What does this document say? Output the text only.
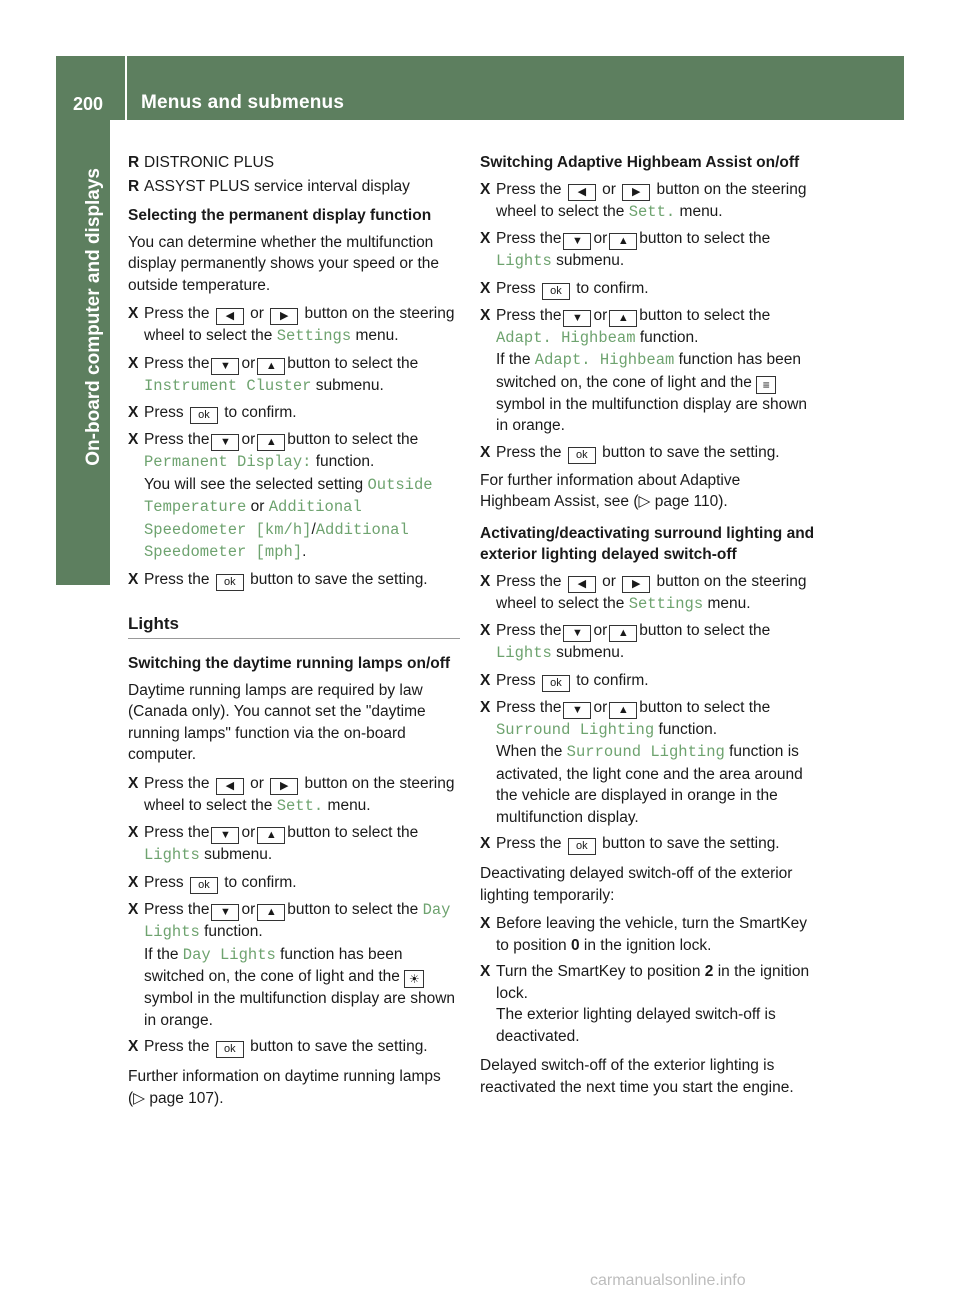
200	Menus and submenus
On-board computer and displays
R DISTRONIC PLUS
R ASSYST PLUS service interval display

Selecting the permanent display function

You can determine whether the multifunction display permanently shows your speed or the outside temperature.

X Press the ◀ or ▶ button on the steering wheel to select the Settings menu.
X Press the ▼ or ▲ button to select the Instrument Cluster submenu.
X Press ok to confirm.
X Press the ▼ or ▲ button to select the Permanent Display: function.
You will see the selected setting Outside Temperature or Additional Speedometer [km/h]/Additional Speedometer [mph].
X Press the ok button to save the setting.

Lights

Switching the daytime running lamps on/off

Daytime running lamps are required by law (Canada only). You cannot set the "daytime running lamps" function via the on-board computer.

X Press the ◀ or ▶ button on the steering wheel to select the Sett. menu.
X Press the ▼ or ▲ button to select the Lights submenu.
X Press ok to confirm.
X Press the ▼ or ▲ button to select the Day Lights function.
If the Day Lights function has been switched on, the cone of light and the ☀ symbol in the multifunction display are shown in orange.
X Press the ok button to save the setting.

Further information on daytime running lamps (▷ page 107).

Switching Adaptive Highbeam Assist on/off

X Press the ◀ or ▶ button on the steering wheel to select the Sett. menu.
X Press the ▼ or ▲ button to select the Lights submenu.
X Press ok to confirm.
X Press the ▼ or ▲ button to select the Adapt. Highbeam function.
If the Adapt. Highbeam function has been switched on, the cone of light and the ≡ symbol in the multifunction display are shown in orange.
X Press the ok button to save the setting.

For further information about Adaptive Highbeam Assist, see (▷ page 110).

Activating/deactivating surround lighting and exterior lighting delayed switch-off

X Press the ◀ or ▶ button on the steering wheel to select the Settings menu.
X Press the ▼ or ▲ button to select the Lights submenu.
X Press ok to confirm.
X Press the ▼ or ▲ button to select the Surround Lighting function.
When the Surround Lighting function is activated, the light cone and the area around the vehicle are displayed in orange in the multifunction display.
X Press the ok button to save the setting.

Deactivating delayed switch-off of the exterior lighting temporarily:

X Before leaving the vehicle, turn the SmartKey to position 0 in the ignition lock.
X Turn the SmartKey to position 2 in the ignition lock.
The exterior lighting delayed switch-off is deactivated.

Delayed switch-off of the exterior lighting is reactivated the next time you start the engine.

carmanualsonline.info
